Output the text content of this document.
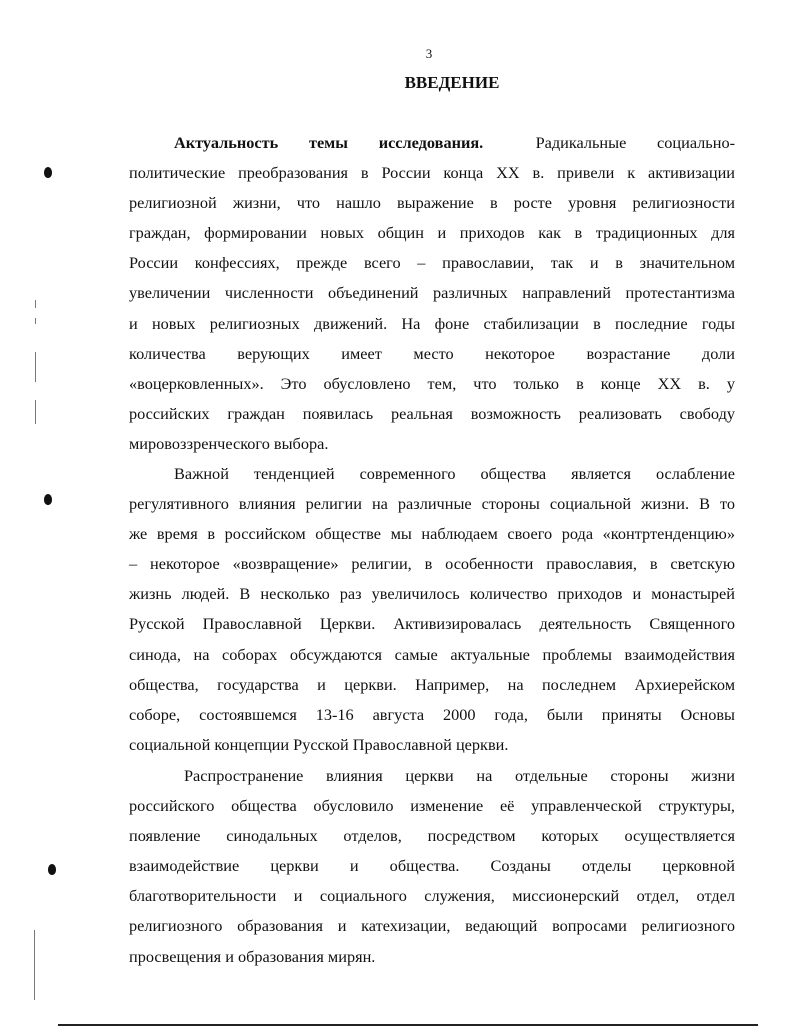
3
ВВЕДЕНИЕ
Актуальность темы исследования.	Радикальные социально-
политические преобразования в России конца XX в. привели к активизации
религиозной жизни, что нашло выражение в росте уровня религиозности
граждан, формировании новых общин и приходов как в традиционных для
России конфессиях, прежде всего – православии, так и в значительном
увеличении численности объединений различных направлений протестантизма
и новых религиозных движений. На фоне стабилизации в последние годы
количества верующих имеет место некоторое возрастание доли
«воцерковленных». Это обусловлено тем, что только в конце XX в. у
российских граждан появилась реальная возможность реализовать свободу
мировоззренческого выбора.
Важной тенденцией современного общества является ослабление
регулятивного влияния религии на различные стороны социальной жизни. В то
же время в российском обществе мы наблюдаем своего рода «контртенденцию»
– некоторое «возвращение» религии, в особенности православия, в светскую
жизнь людей. В несколько раз увеличилось количество приходов и монастырей
Русской Православной Церкви. Активизировалась деятельность Священного
синода, на соборах обсуждаются самые актуальные проблемы взаимодействия
общества, государства и церкви. Например, на последнем Архиерейском
соборе, состоявшемся 13-16 августа 2000 года, были приняты Основы
социальной концепции Русской Православной церкви.
Распространение влияния церкви на отдельные стороны жизни
российского общества обусловило изменение её управленческой структуры,
появление синодальных отделов, посредством которых осуществляется
взаимодействие церкви и общества. Созданы отделы церковной
благотворительности и социального служения, миссионерский отдел, отдел
религиозного образования и катехизации, ведающий вопросами религиозного
просвещения и образования мирян.
